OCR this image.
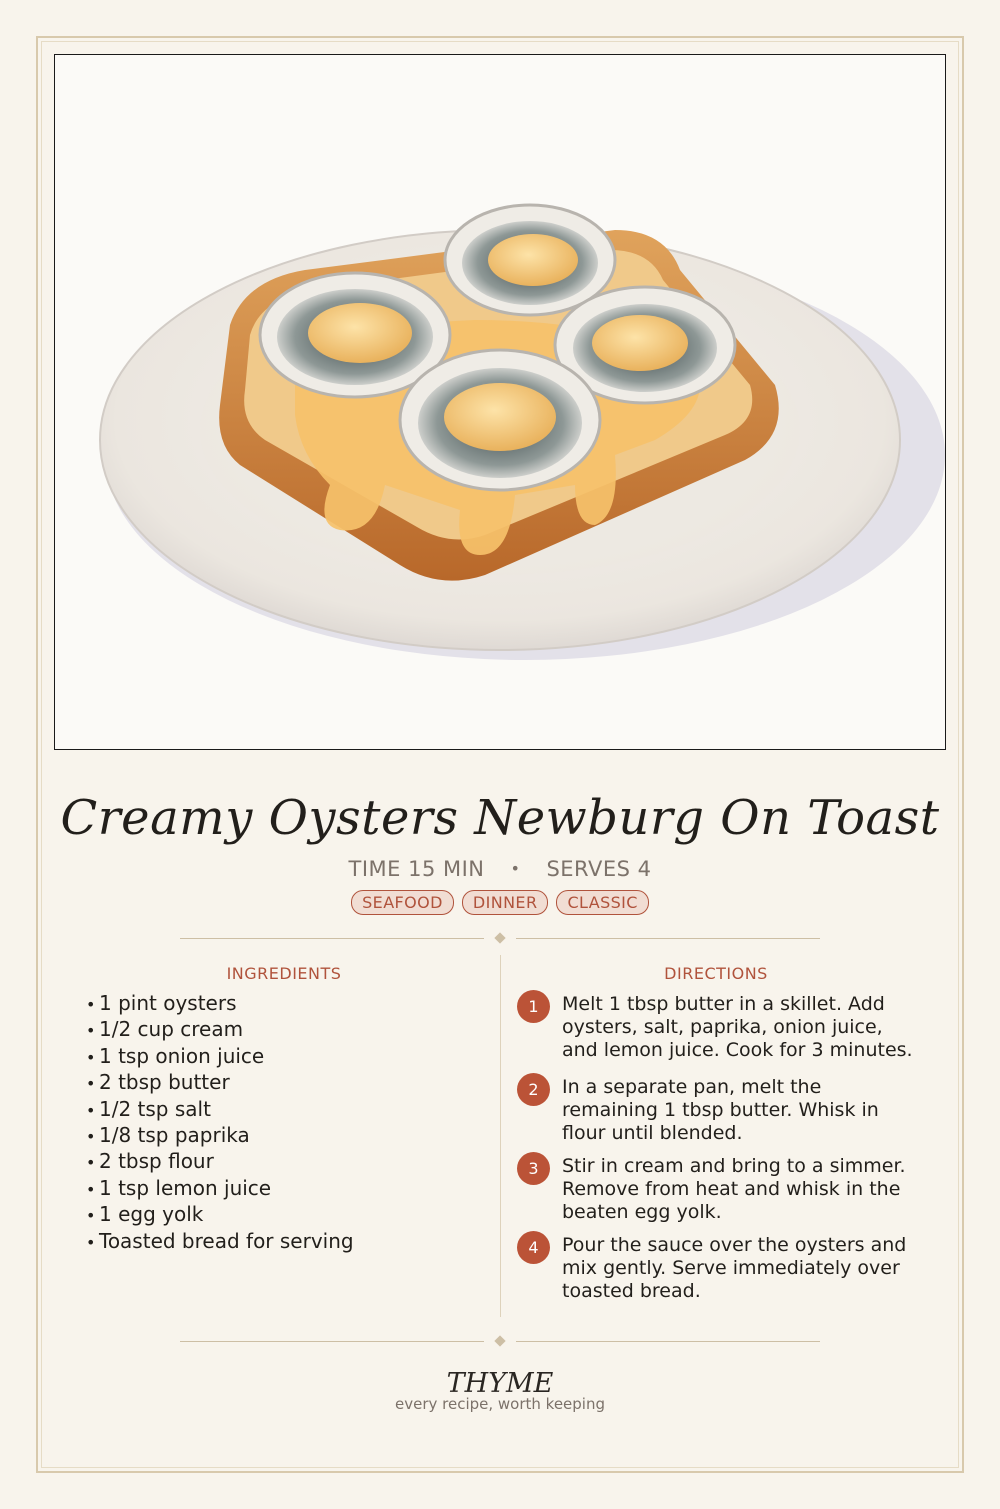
Creamy Oysters Newburg On Toast
TIME 15 MIN • SERVES 4
SEAFOOD DINNER CLASSIC
INGREDIENTS
• 1 pint oysters
• 1/2 cup cream
• 1 tsp onion juice
• 2 tbsp butter
• 1/2 tsp salt
• 1/8 tsp paprika
• 2 tbsp flour
• 1 tsp lemon juice
• 1 egg yolk
• Toasted bread for serving
DIRECTIONS
1	Melt 1 tbsp butter in a skillet. Add oysters, salt, paprika, onion juice, and lemon juice. Cook for 3 minutes.
2	In a separate pan, melt the remaining 1 tbsp butter. Whisk in flour until blended.
3	Stir in cream and bring to a simmer. Remove from heat and whisk in the beaten egg yolk.
4	Pour the sauce over the oysters and mix gently. Serve immediately over toasted bread.
THYME
every recipe, worth keeping
